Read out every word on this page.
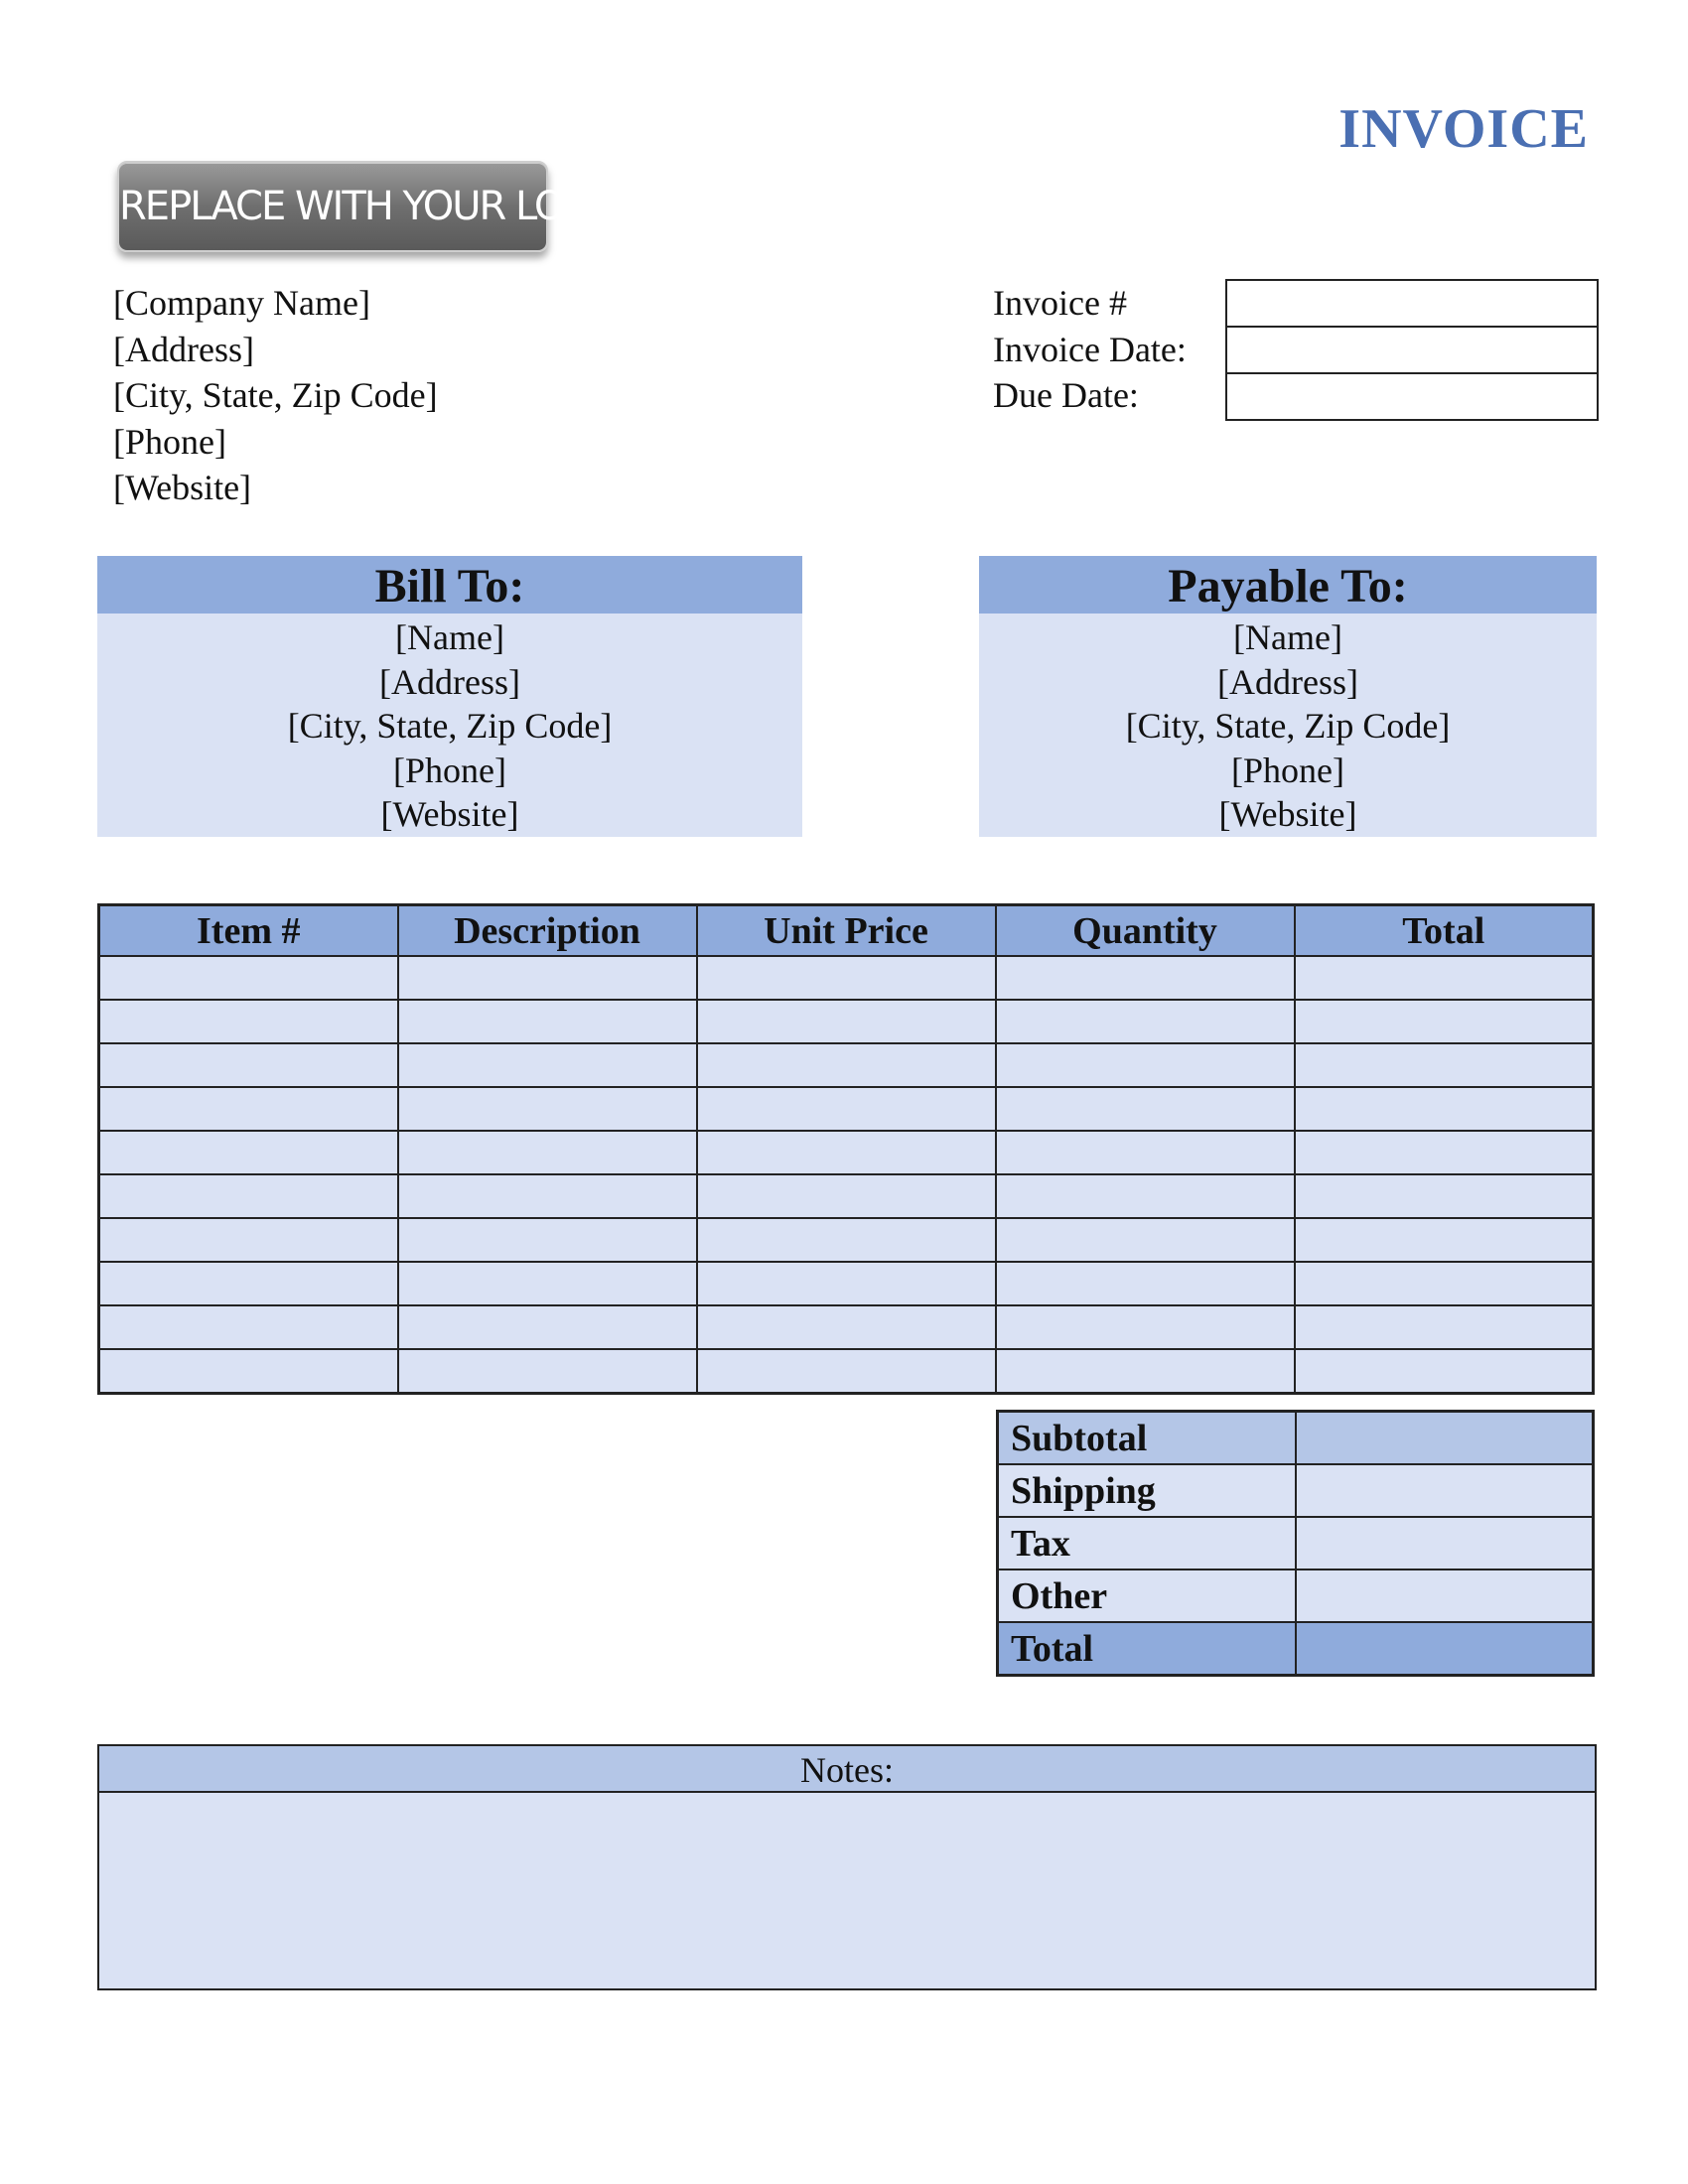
INVOICE
REPLACE WITH YOUR LOGO
[Company Name]
[Address]
[City, State, Zip Code]
[Phone]
[Website]
Invoice #
Invoice Date:
Due Date:
Bill To:
[Name]
[Address]
[City, State, Zip Code]
[Phone]
[Website]
Payable To:
[Name]
[Address]
[City, State, Zip Code]
[Phone]
[Website]
Item #	Description	Unit Price	Quantity	Total

Subtotal	
Shipping	
Tax	
Other	
Total	
Notes:
